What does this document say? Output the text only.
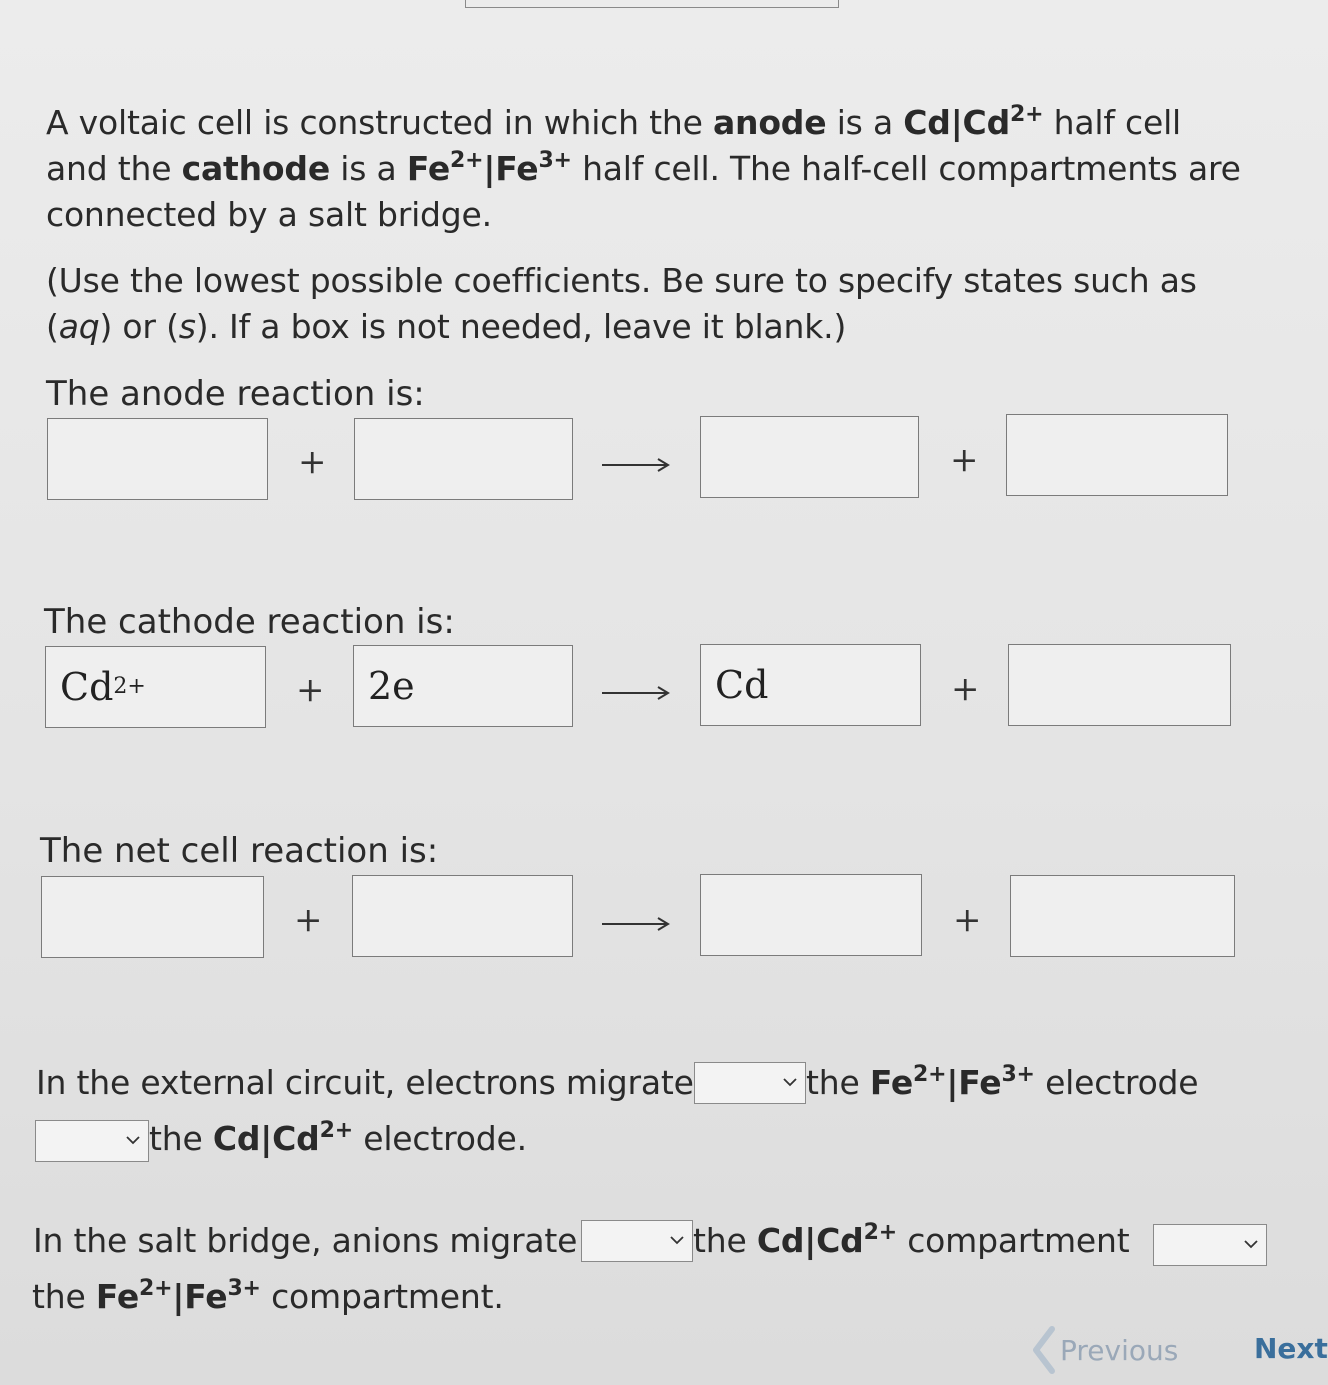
A voltaic cell is constructed in which the anode is a $Cd|Cd^{2+}$ half cell and the cathode is a $Fe^{2+}|Fe^{3+}$ half cell. The half-cell compartments are connected by a salt bridge.
(Use the lowest possible coefficients. Be sure to specify states such as (aq) or (s). If a box is not needed, leave it blank.)
The anode reaction is:
+	+
The cathode reaction is:
Cd 2+	+	2e	Cd	+
The net cell reaction is:
+	+
In the external circuit, electrons migrate	the $Fe^{2+}|Fe^{3+}$ electrode
the $Cd|Cd^{2+}$ electrode.
In the salt bridge, anions migrate	the $Cd|Cd^{2+}$ compartment
the $Fe^{2+}|Fe^{3+}$ compartment.
Previous	Next
